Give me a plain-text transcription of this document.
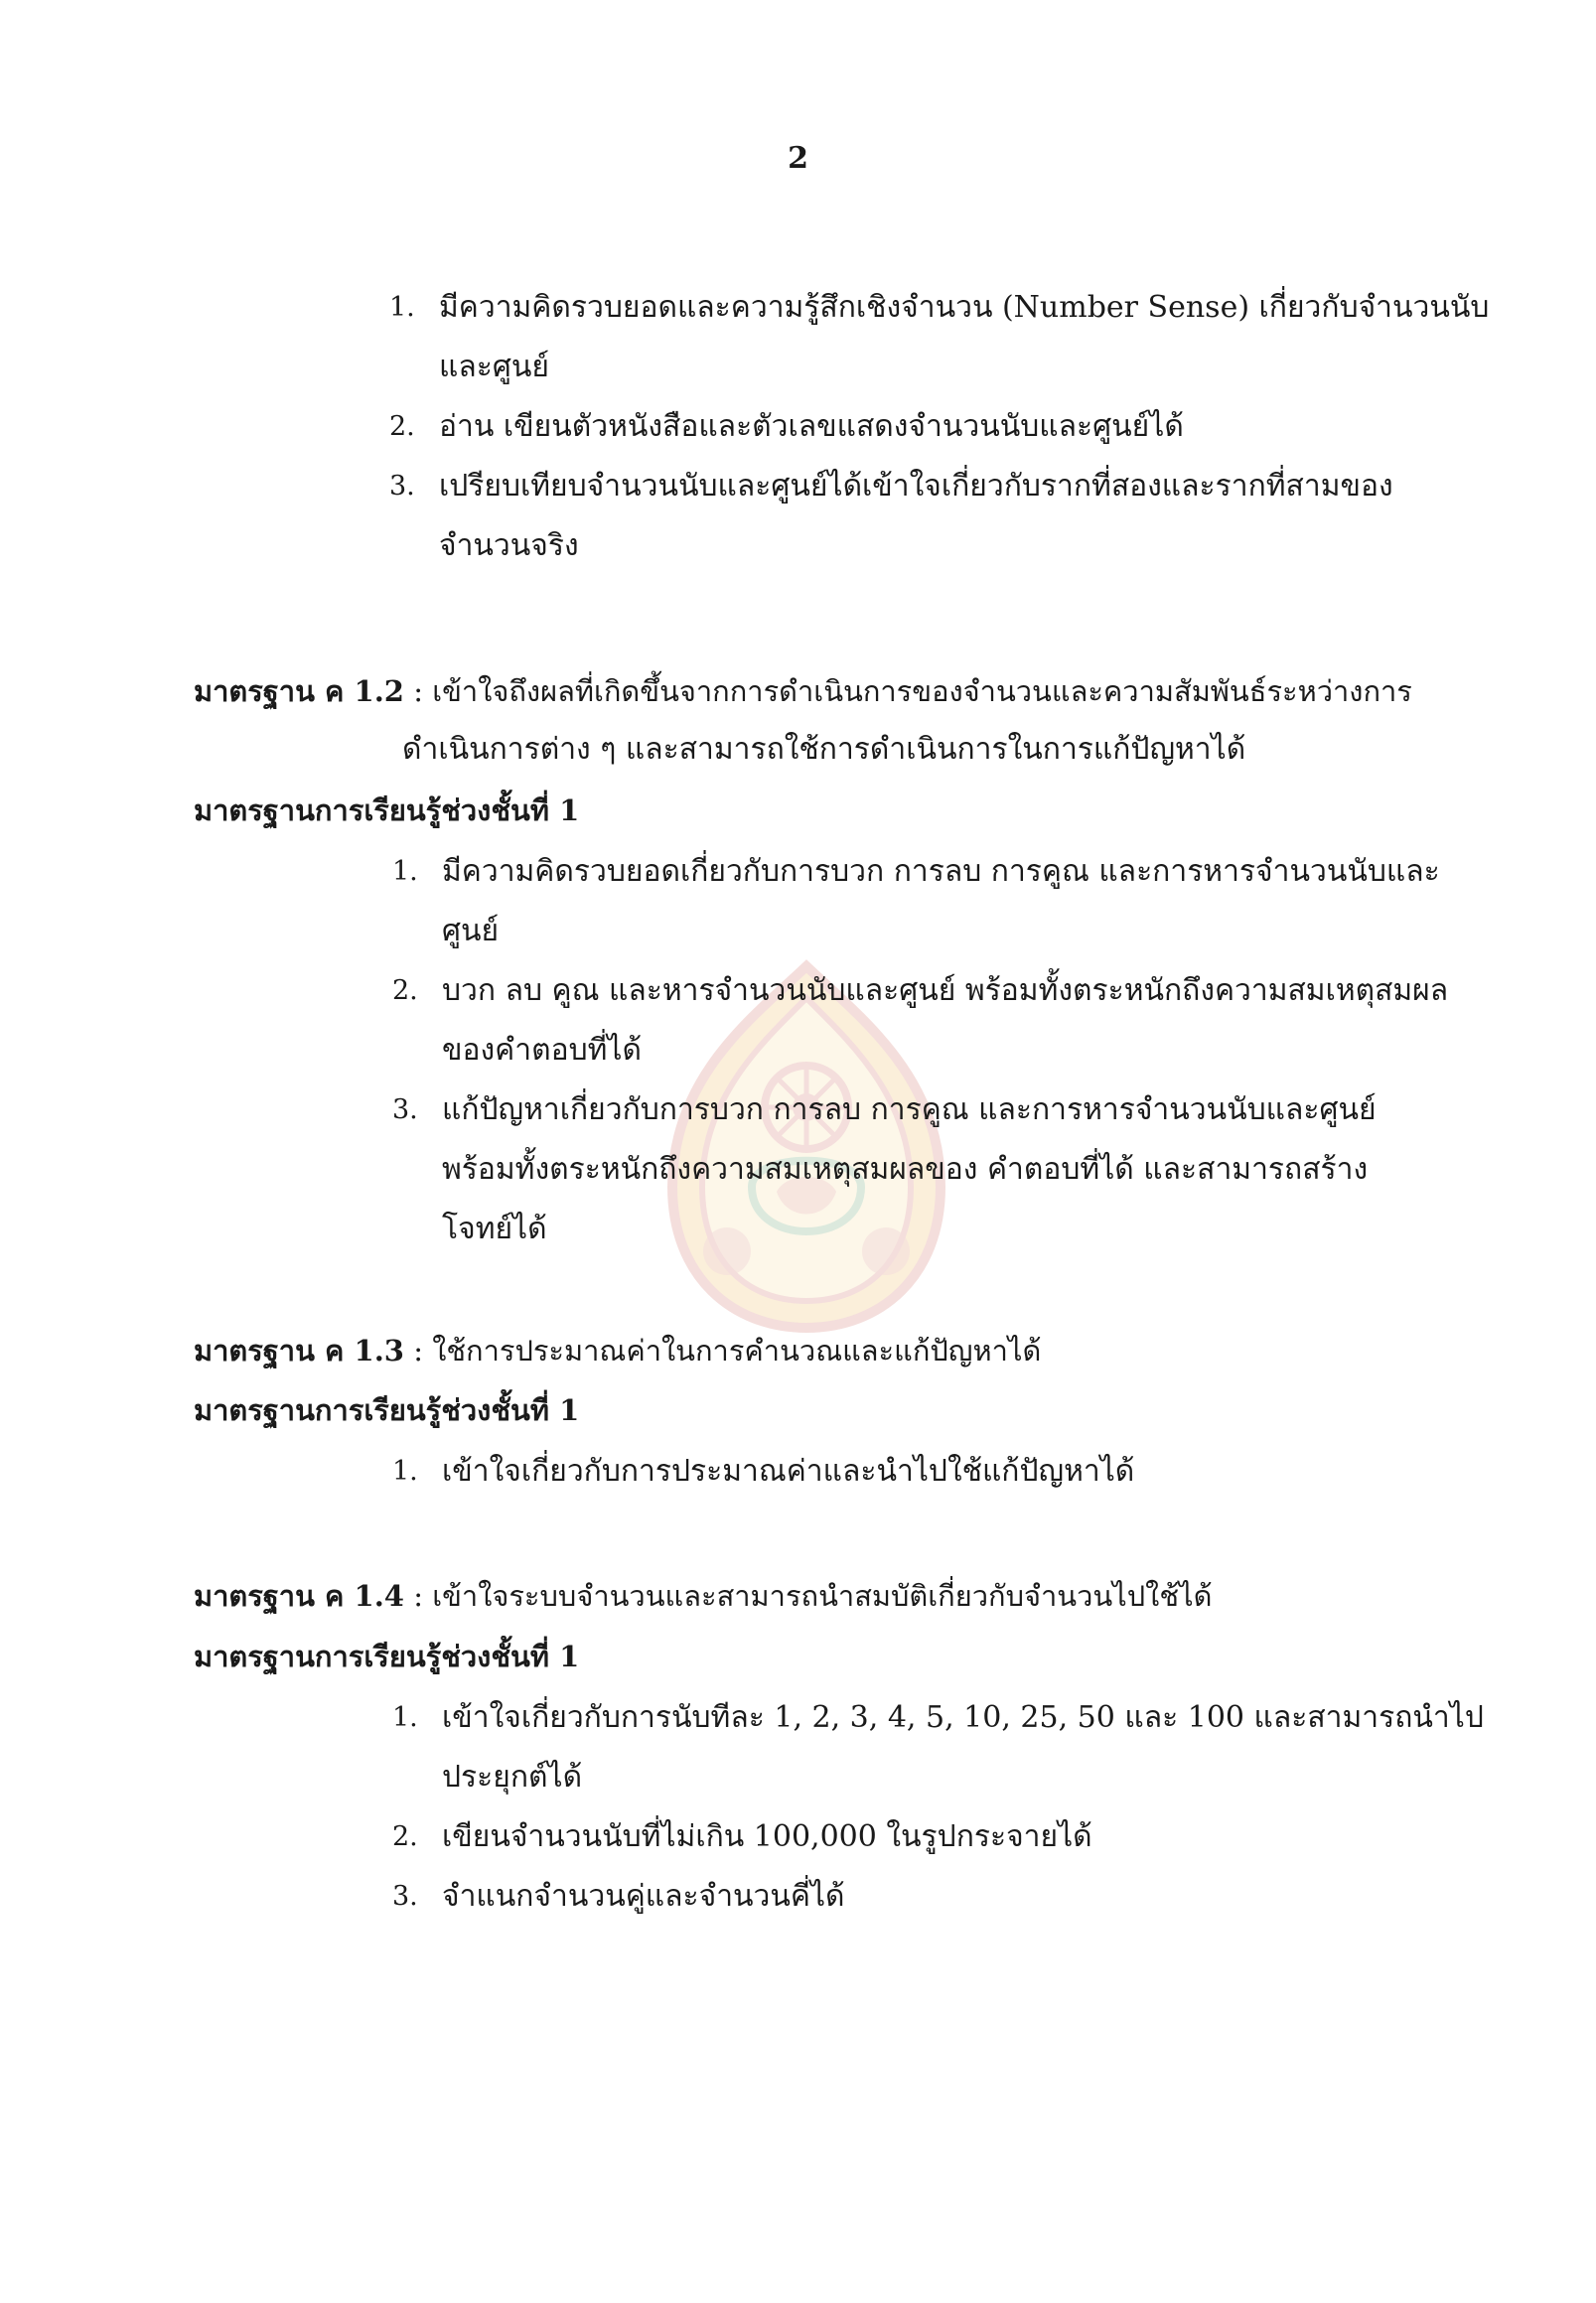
2
1. มีความคิดรวบยอดและความรู้สึกเชิงจำนวน (Number Sense) เกี่ยวกับจำนวนนับ
และศูนย์
2. อ่าน เขียนตัวหนังสือและตัวเลขแสดงจำนวนนับและศูนย์ได้
3. เปรียบเทียบจำนวนนับและศูนย์ได้เข้าใจเกี่ยวกับรากที่สองและรากที่สามของ
จำนวนจริง
มาตรฐาน ค 1.2 : เข้าใจถึงผลที่เกิดขึ้นจากการดำเนินการของจำนวนและความสัมพันธ์ระหว่างการ
ดำเนินการต่าง ๆ และสามารถใช้การดำเนินการในการแก้ปัญหาได้
มาตรฐานการเรียนรู้ช่วงชั้นที่ 1
1. มีความคิดรวบยอดเกี่ยวกับการบวก การลบ การคูณ และการหารจำนวนนับและ
ศูนย์
2. บวก ลบ คูณ และหารจำนวนนับและศูนย์ พร้อมทั้งตระหนักถึงความสมเหตุสมผล
ของคำตอบที่ได้
3. แก้ปัญหาเกี่ยวกับการบวก การลบ การคูณ และการหารจำนวนนับและศูนย์
พร้อมทั้งตระหนักถึงความสมเหตุสมผลของ คำตอบที่ได้ และสามารถสร้าง
โจทย์ได้
มาตรฐาน ค 1.3 : ใช้การประมาณค่าในการคำนวณและแก้ปัญหาได้
มาตรฐานการเรียนรู้ช่วงชั้นที่ 1
1. เข้าใจเกี่ยวกับการประมาณค่าและนำไปใช้แก้ปัญหาได้
มาตรฐาน ค 1.4 : เข้าใจระบบจำนวนและสามารถนำสมบัติเกี่ยวกับจำนวนไปใช้ได้
มาตรฐานการเรียนรู้ช่วงชั้นที่ 1
1. เข้าใจเกี่ยวกับการนับทีละ 1, 2, 3, 4, 5, 10, 25, 50 และ 100 และสามารถนำไป
ประยุกต์ได้
2. เขียนจำนวนนับที่ไม่เกิน 100,000 ในรูปกระจายได้
3. จำแนกจำนวนคู่และจำนวนคี่ได้
